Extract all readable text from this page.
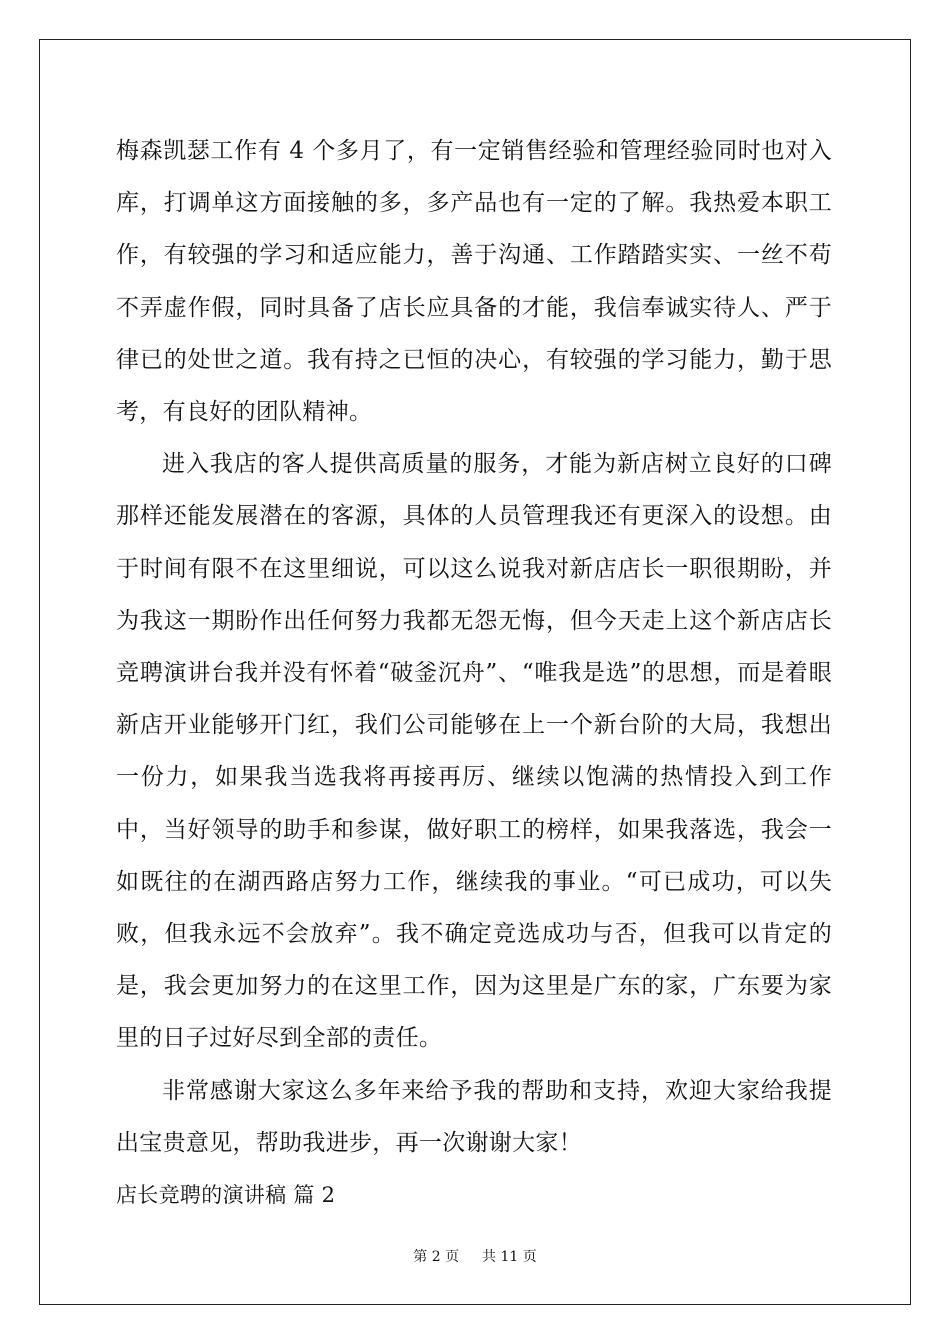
梅森凯瑟工作有 4 个多月了，有一定销售经验和管理经验同时也对入库，打调单这方面接触的多，多产品也有一定的了解。我热爱本职工作，有较强的学习和适应能力，善于沟通、工作踏踏实实、一丝不苟不弄虚作假，同时具备了店长应具备的才能，我信奉诚实待人、严于律已的处世之道。我有持之已恒的决心，有较强的学习能力，勤于思考，有良好的团队精神。

进入我店的客人提供高质量的服务，才能为新店树立良好的口碑那样还能发展潜在的客源，具体的人员管理我还有更深入的设想。由于时间有限不在这里细说，可以这么说我对新店店长一职很期盼，并为我这一期盼作出任何努力我都无怨无悔，但今天走上这个新店店长竞聘演讲台我并没有怀着“破釜沉舟”、“唯我是选”的思想，而是着眼新店开业能够开门红，我们公司能够在上一个新台阶的大局，我想出一份力，如果我当选我将再接再厉、继续以饱满的热情投入到工作中，当好领导的助手和参谋，做好职工的榜样，如果我落选，我会一如既往的在湖西路店努力工作，继续我的事业。“可已成功，可以失败，但我永远不会放弃”。我不确定竞选成功与否，但我可以肯定的是，我会更加努力的在这里工作，因为这里是广东的家，广东要为家里的日子过好尽到全部的责任。

非常感谢大家这么多年来给予我的帮助和支持，欢迎大家给我提出宝贵意见，帮助我进步，再一次谢谢大家！

店长竞聘的演讲稿 篇 2
第 2 页 共 11 页
